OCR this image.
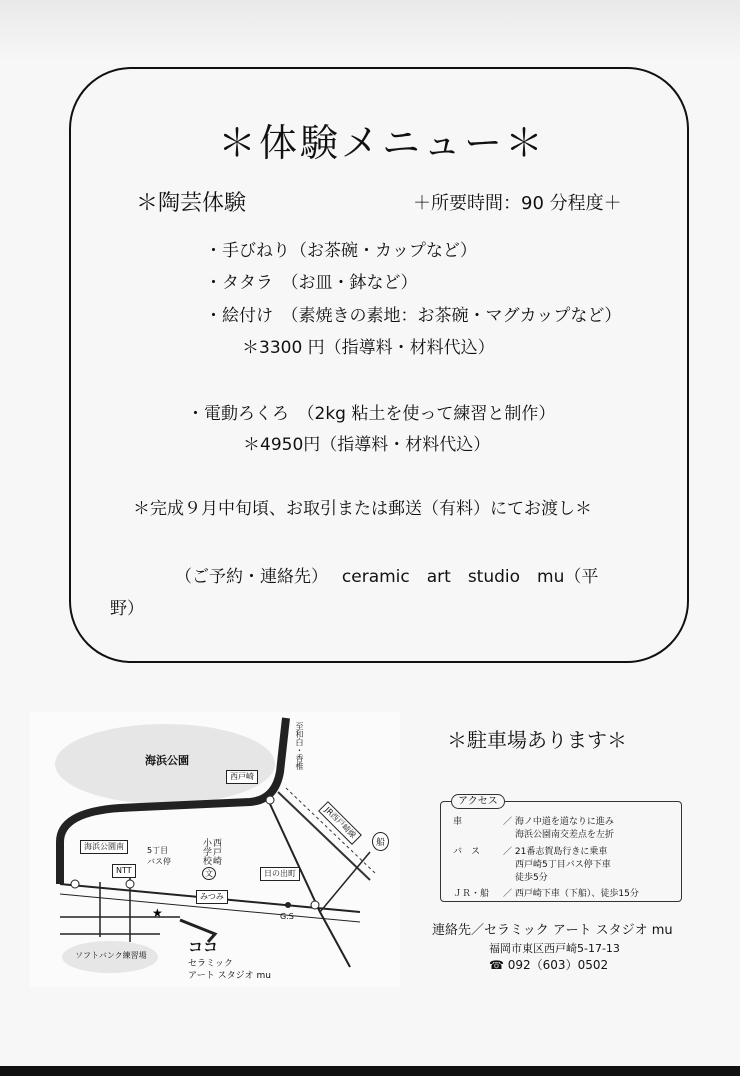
＊体験メニュー＊
＊陶芸体験	＋所要時間：90 分程度＋
・手びねり（お茶碗・カップなど）
・タタラ　（お皿・鉢など）
・絵付け　（素焼きの素地：お茶碗・マグカップなど）
＊3300 円（指導料・材料代込）
・電動ろくろ　（2kg 粘土を使って練習と制作）
＊4950円（指導料・材料代込）
＊完成９月中旬頃、お取引または郵送（有料）にてお渡し＊
（ご予約・連絡先）　 ceramic　art　studio　mu（平
野）
★
海浜公園	至和白・香椎
西戸崎
JR西戸崎線
船
海浜公園南	5丁目
バス停
NTT
小学校 西戸崎
文
みつみ
日の出町
G.S
ソフトバンク練習場	ココ
セラミック
アート スタジオ mu
＊駐車場あります＊
アクセス
車	／ 海ノ中道を道なりに進み
海浜公園南交差点を左折
バ　ス	／ 21番志賀島行きに乗車
西戸崎5丁目バス停下車
徒歩5分
ＪＲ・船 ／ 西戸崎下車（下船）、徒歩15分
連絡先／セラミック アート スタジオ mu
福岡市東区西戸崎5-17-13
☎ 092（603）0502
